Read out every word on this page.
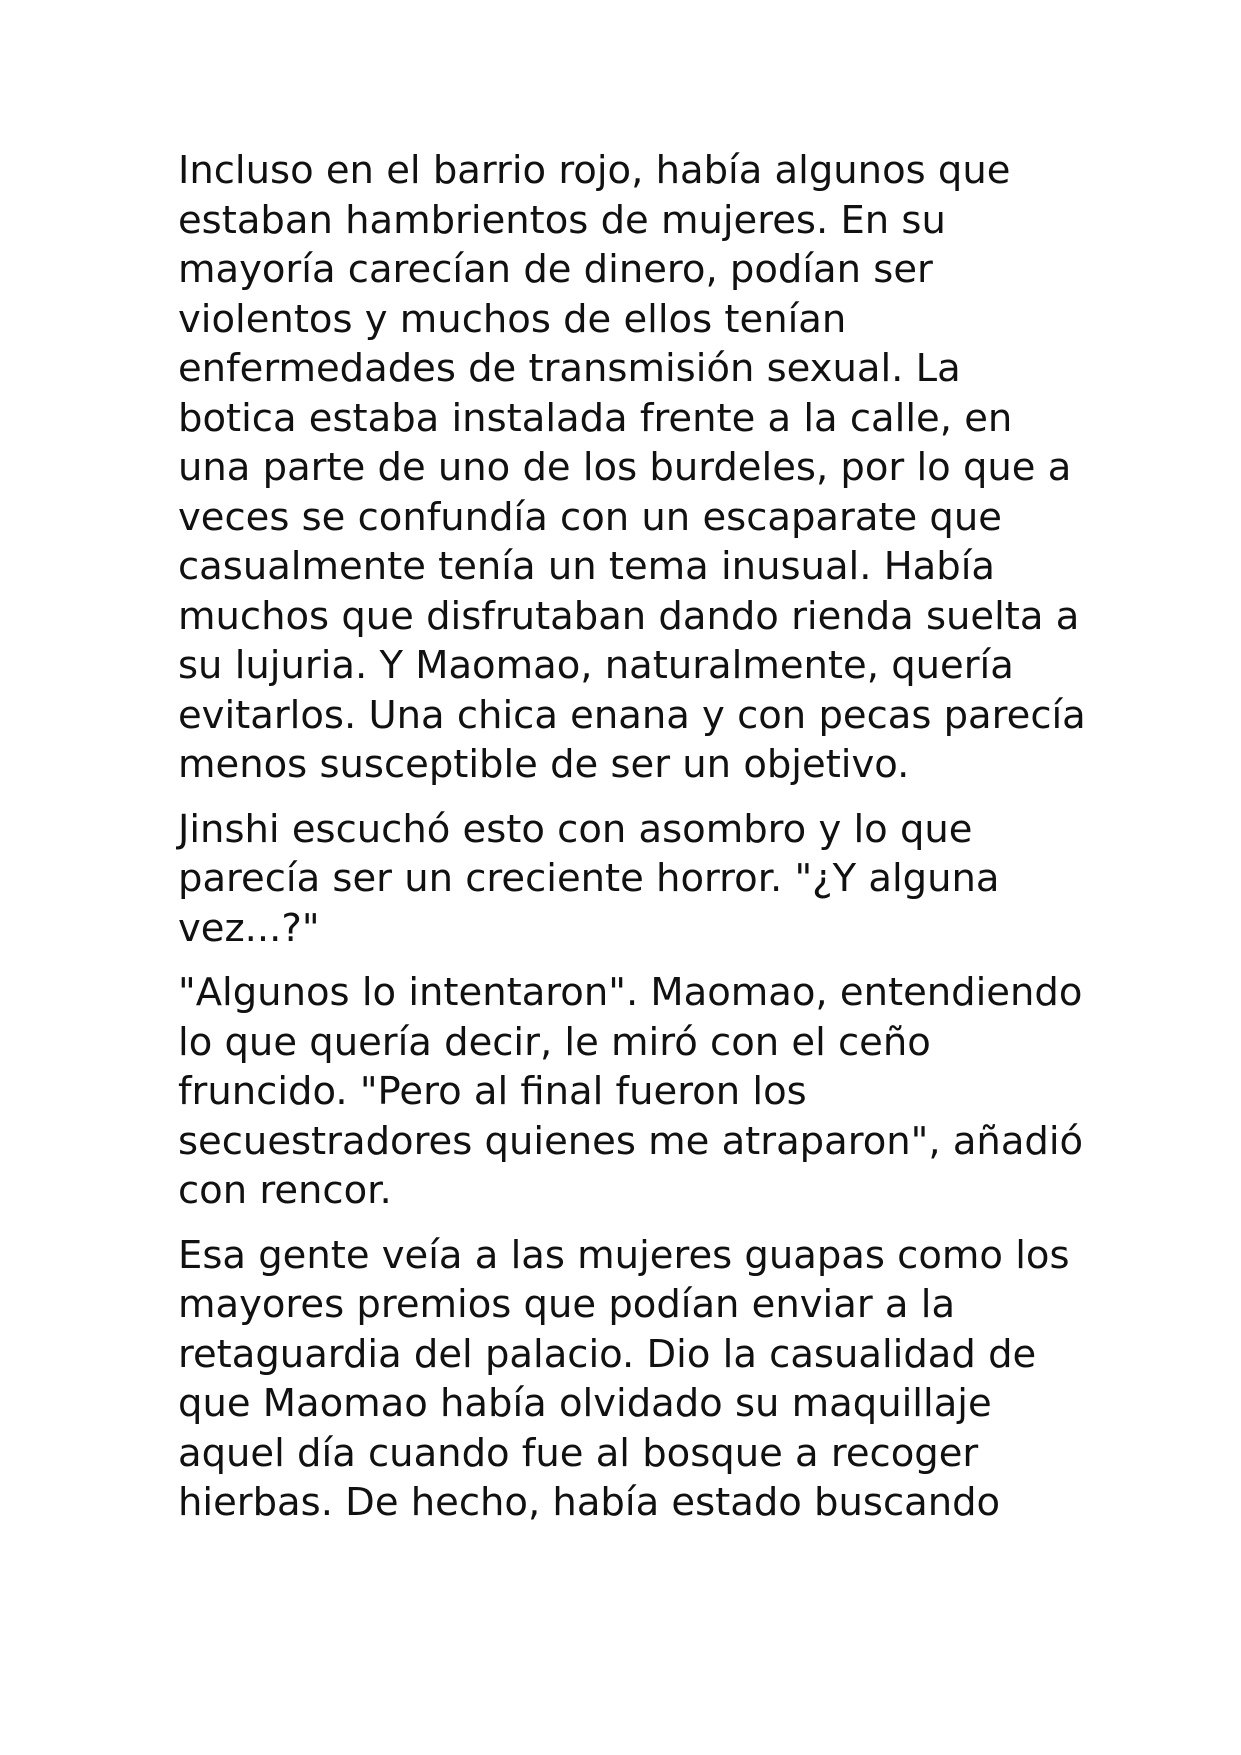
Incluso en el barrio rojo, había algunos que
estaban hambrientos de mujeres. En su
mayoría carecían de dinero, podían ser
violentos y muchos de ellos tenían
enfermedades de transmisión sexual. La
botica estaba instalada frente a la calle, en
una parte de uno de los burdeles, por lo que a
veces se confundía con un escaparate que
casualmente tenía un tema inusual. Había
muchos que disfrutaban dando rienda suelta a
su lujuria. Y Maomao, naturalmente, quería
evitarlos. Una chica enana y con pecas parecía
menos susceptible de ser un objetivo.

Jinshi escuchó esto con asombro y lo que
parecía ser un creciente horror. "¿Y alguna
vez...?"

"Algunos lo intentaron". Maomao, entendiendo
lo que quería decir, le miró con el ceño
fruncido. "Pero al final fueron los
secuestradores quienes me atraparon", añadió
con rencor.

Esa gente veía a las mujeres guapas como los
mayores premios que podían enviar a la
retaguardia del palacio. Dio la casualidad de
que Maomao había olvidado su maquillaje
aquel día cuando fue al bosque a recoger
hierbas. De hecho, había estado buscando
